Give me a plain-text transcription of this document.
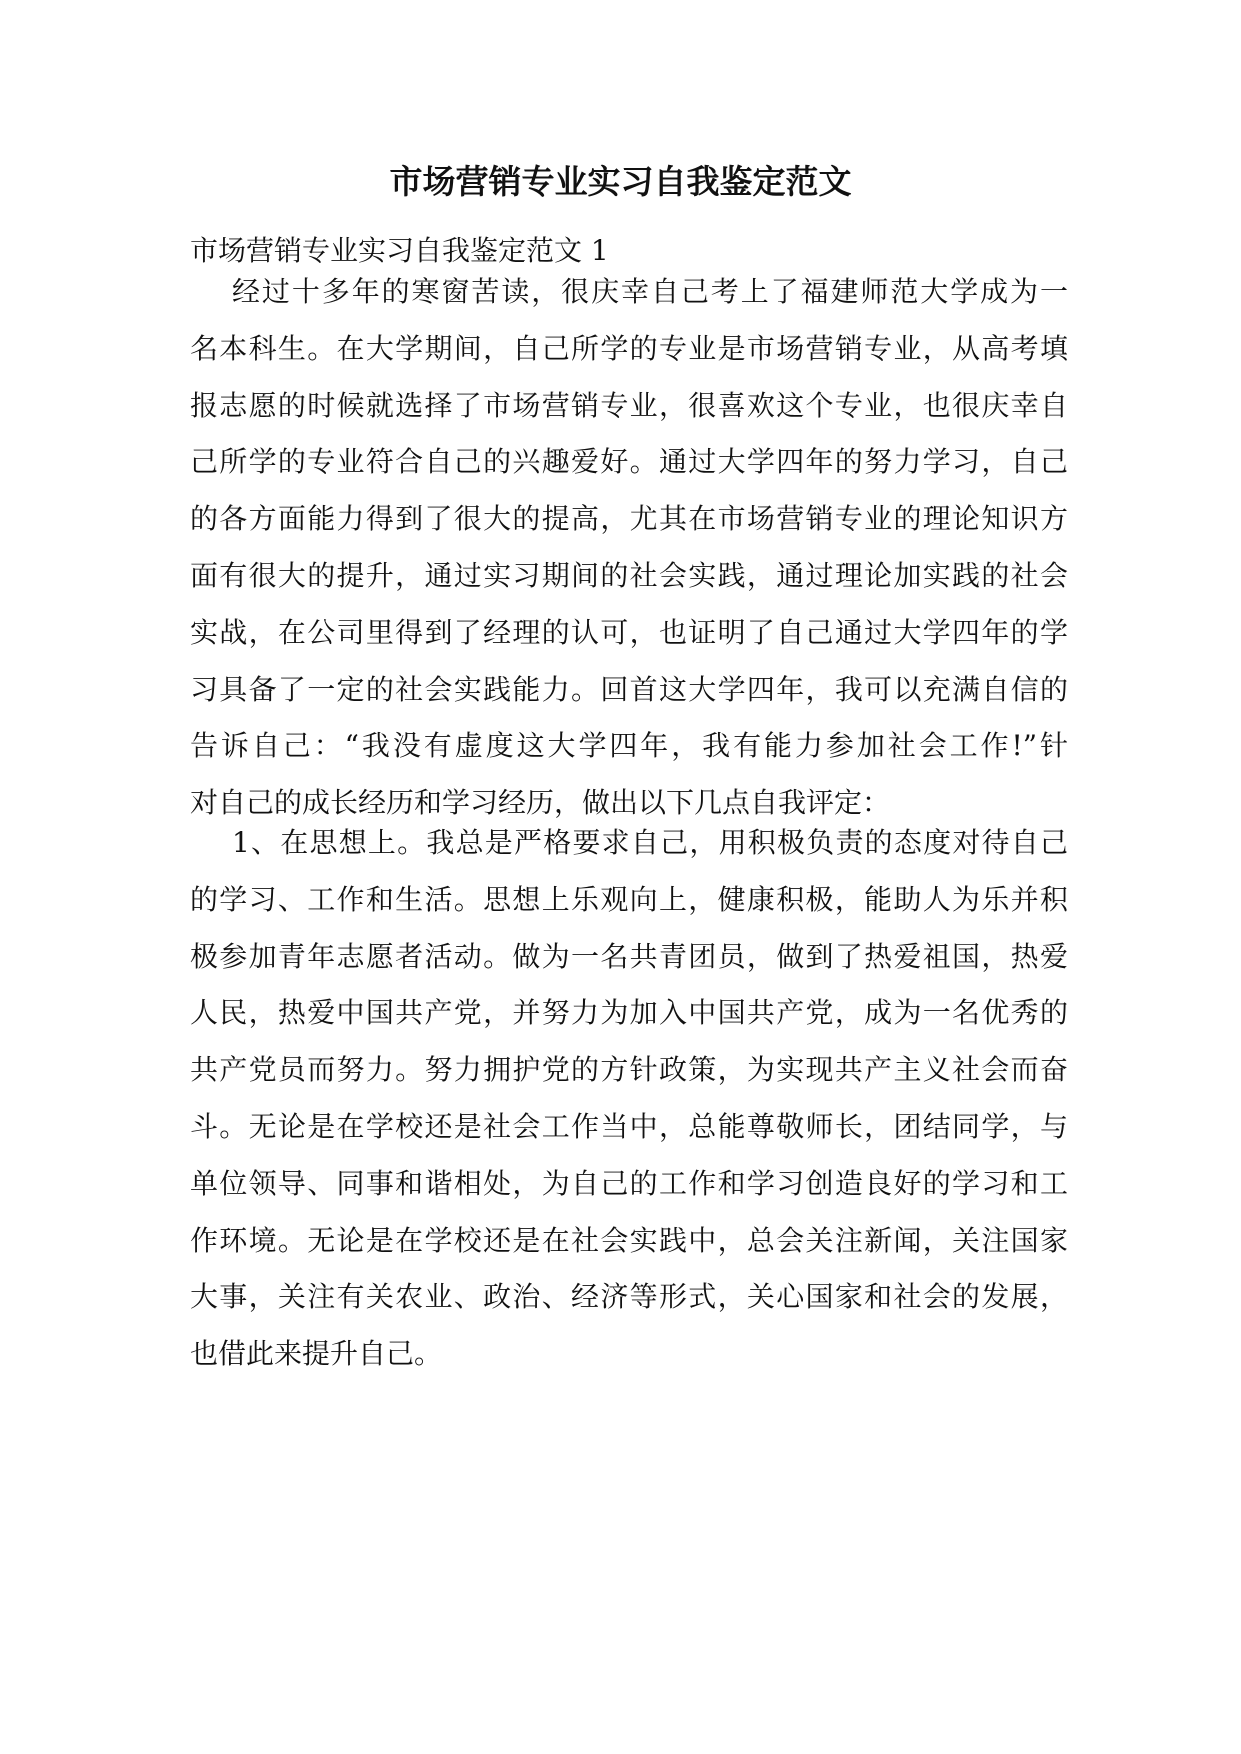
市场营销专业实习自我鉴定范文
市场营销专业实习自我鉴定范文 1
经过十多年的寒窗苦读，很庆幸自己考上了福建师范大学成为一
名本科生。在大学期间，自己所学的专业是市场营销专业，从高考填
报志愿的时候就选择了市场营销专业，很喜欢这个专业，也很庆幸自
己所学的专业符合自己的兴趣爱好。通过大学四年的努力学习，自己
的各方面能力得到了很大的提高，尤其在市场营销专业的理论知识方
面有很大的提升，通过实习期间的社会实践，通过理论加实践的社会
实战，在公司里得到了经理的认可，也证明了自己通过大学四年的学
习具备了一定的社会实践能力。回首这大学四年，我可以充满自信的
告诉自己：“我没有虚度这大学四年，我有能力参加社会工作!”针
对自己的成长经历和学习经历，做出以下几点自我评定：
1、在思想上。我总是严格要求自己，用积极负责的态度对待自己
的学习、工作和生活。思想上乐观向上，健康积极，能助人为乐并积
极参加青年志愿者活动。做为一名共青团员，做到了热爱祖国，热爱
人民，热爱中国共产党，并努力为加入中国共产党，成为一名优秀的
共产党员而努力。努力拥护党的方针政策，为实现共产主义社会而奋
斗。无论是在学校还是社会工作当中，总能尊敬师长，团结同学，与
单位领导、同事和谐相处，为自己的工作和学习创造良好的学习和工
作环境。无论是在学校还是在社会实践中，总会关注新闻，关注国家
大事，关注有关农业、政治、经济等形式，关心国家和社会的发展，
也借此来提升自己。
